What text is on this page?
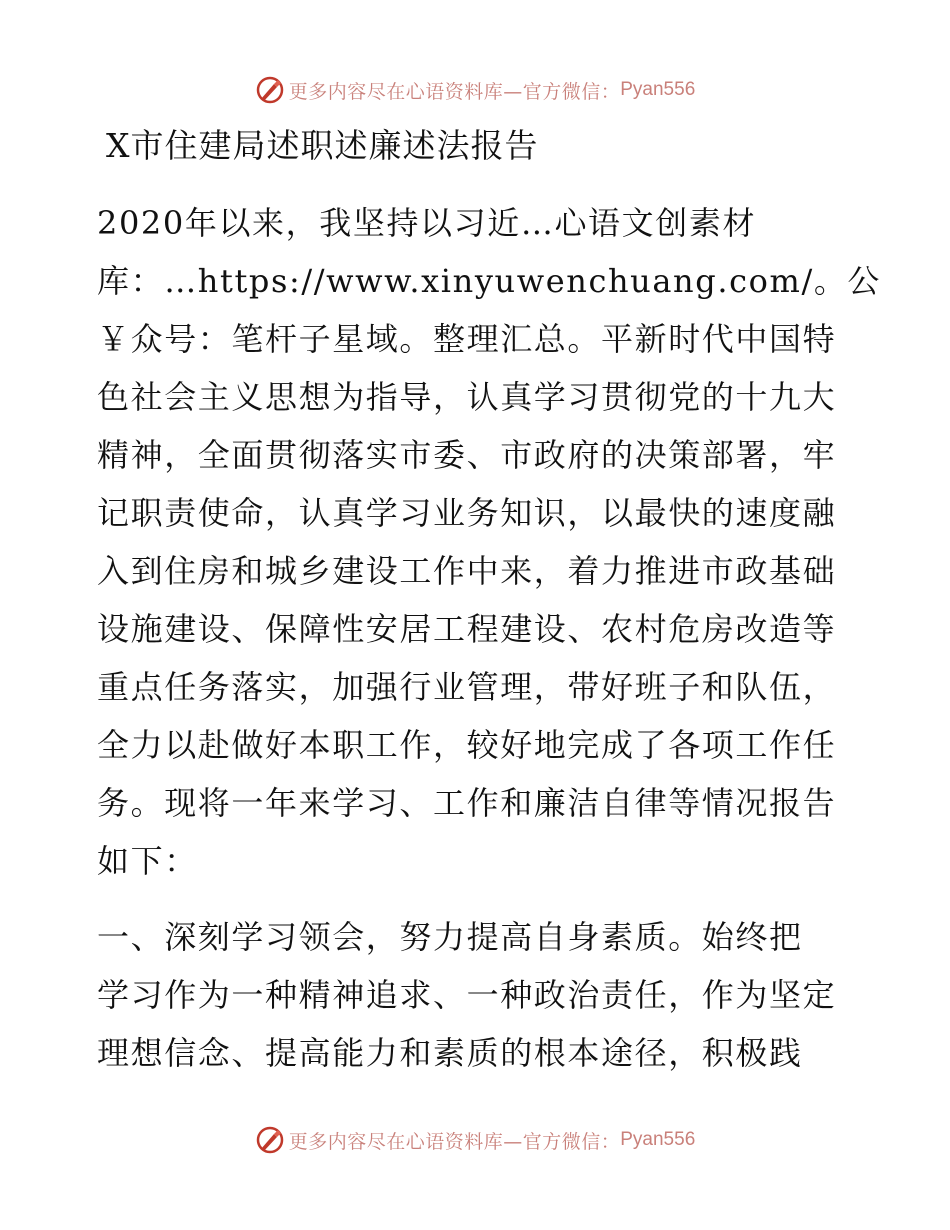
更多内容尽在心语资料库—官方微信： Pyan556
X市住建局述职述廉述法报告
2020年以来，我坚持以习近…心语文创素材
库：…https://www.xinyuwenchuang.com/。公
￥众号：笔杆子星域。整理汇总。平新时代中国特
色社会主义思想为指导，认真学习贯彻党的十九大
精神，全面贯彻落实市委、市政府的决策部署，牢
记职责使命，认真学习业务知识，以最快的速度融
入到住房和城乡建设工作中来，着力推进市政基础
设施建设、保障性安居工程建设、农村危房改造等
重点任务落实，加强行业管理，带好班子和队伍，
全力以赴做好本职工作，较好地完成了各项工作任
务。现将一年来学习、工作和廉洁自律等情况报告
如下：
一、深刻学习领会，努力提高自身素质。始终把
学习作为一种精神追求、一种政治责任，作为坚定
理想信念、提高能力和素质的根本途径，积极践
更多内容尽在心语资料库—官方微信： Pyan556
